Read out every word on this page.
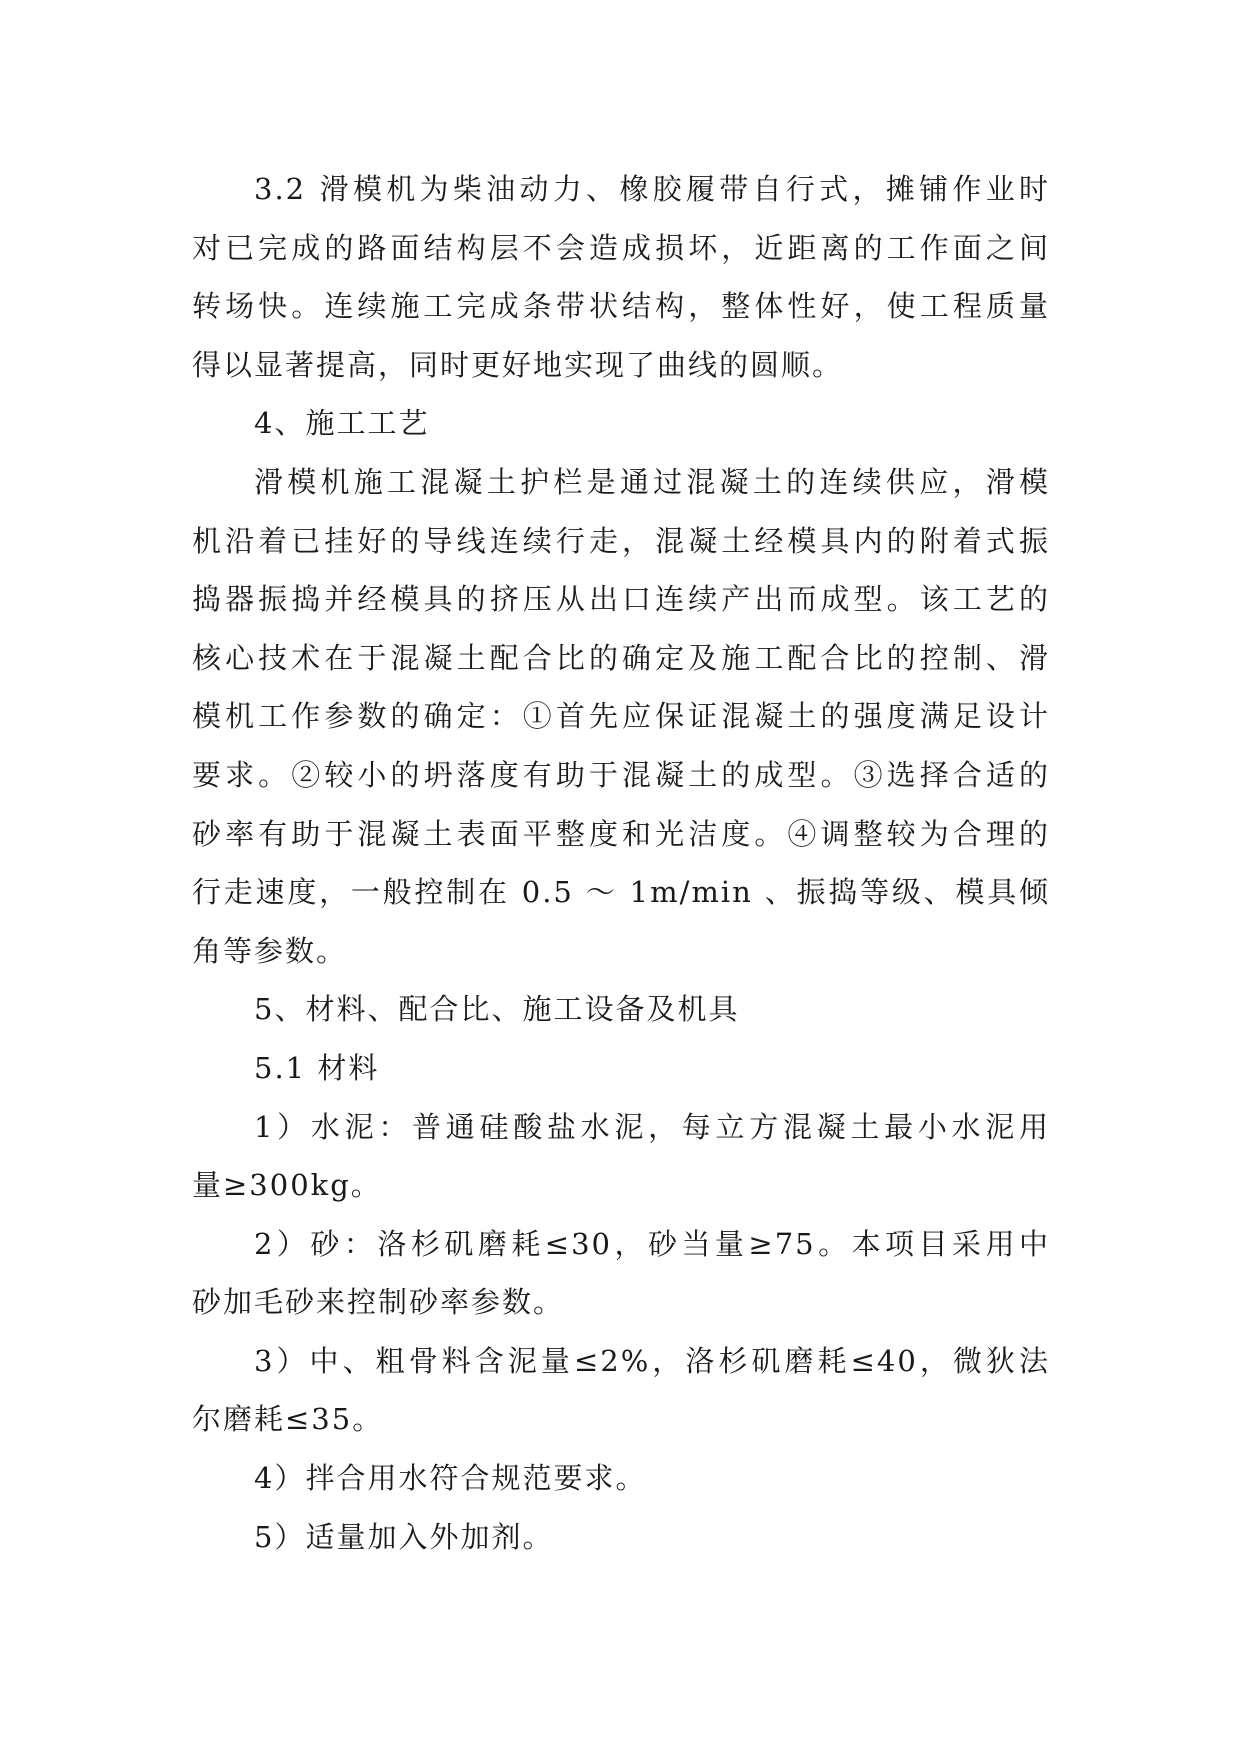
3.2 滑模机为柴油动力、橡胶履带自行式，摊铺作业时
对已完成的路面结构层不会造成损坏，近距离的工作面之间
转场快。连续施工完成条带状结构，整体性好，使工程质量
得以显著提高，同时更好地实现了曲线的圆顺。

4、施工工艺

滑模机施工混凝土护栏是通过混凝土的连续供应，滑模
机沿着已挂好的导线连续行走，混凝土经模具内的附着式振
捣器振捣并经模具的挤压从出口连续产出而成型。该工艺的
核心技术在于混凝土配合比的确定及施工配合比的控制、滑
模机工作参数的确定：①首先应保证混凝土的强度满足设计
要求。②较小的坍落度有助于混凝土的成型。③选择合适的
砂率有助于混凝土表面平整度和光洁度。④调整较为合理的
行走速度，一般控制在 0.5 ～ 1m/min 、振捣等级、模具倾
角等参数。

5、材料、配合比、施工设备及机具

5.1 材料

1）水泥：普通硅酸盐水泥，每立方混凝土最小水泥用
量≥300kg。

2）砂：洛杉矶磨耗≤30，砂当量≥75。本项目采用中
砂加毛砂来控制砂率参数。

3）中、粗骨料含泥量≤2%，洛杉矶磨耗≤40，微狄法
尔磨耗≤35。

4）拌合用水符合规范要求。

5）适量加入外加剂。
